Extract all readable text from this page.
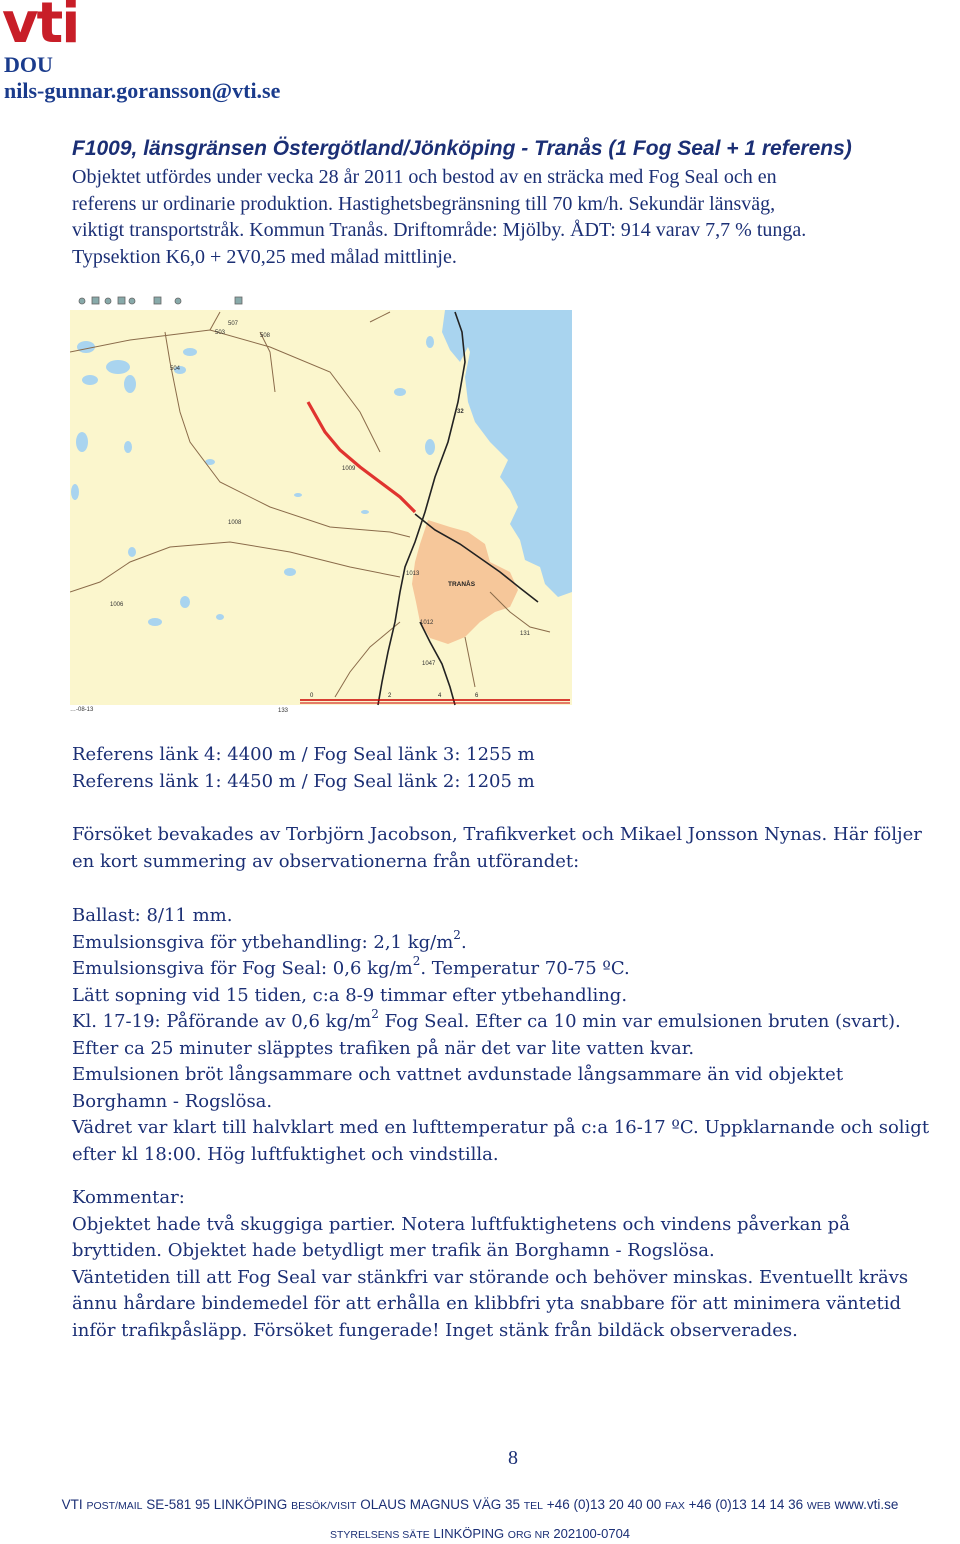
vti
DOU
nils-gunnar.goransson@vti.se
F1009, länsgränsen Östergötland/Jönköping - Tranås (1 Fog Seal + 1 referens)
Objektet utfördes under vecka 28 år 2011 och bestod av en sträcka med Fog Seal och en
referens ur ordinarie produktion. Hastighetsbegränsning till 70 km/h. Sekundär länsväg,
viktigt transportstråk. Kommun Tranås. Driftområde: Mjölby. ÅDT: 914 varav 7,7 % tunga.
Typsektion K6,0 + 2V0,25 med målad mittlinje.
507
508
503
504
32
1009
1008
1013
1006
1012
131
1047
133
TRANÅS
0	2	4	6
…-08-13
Referens länk 4: 4400 m / Fog Seal länk 3: 1255 m
Referens länk 1: 4450 m / Fog Seal länk 2: 1205 m
Försöket bevakades av Torbjörn Jacobson, Trafikverket och Mikael Jonsson Nynas. Här följer
en kort summering av observationerna från utförandet:
Ballast: 8/11 mm.
Emulsionsgiva för ytbehandling: 2,1 $kg/m^2$.
Emulsionsgiva för Fog Seal: 0,6 $kg/m^2$. Temperatur 70-75 ºC.
Lätt sopning vid 15 tiden, c:a 8-9 timmar efter ytbehandling.
Kl. 17-19: Påförande av 0,6 $kg/m^2$ Fog Seal. Efter ca 10 min var emulsionen bruten (svart).
Efter ca 25 minuter släpptes trafiken på när det var lite vatten kvar.
Emulsionen bröt långsammare och vattnet avdunstade långsammare än vid objektet
Borghamn - Rogslösa.
Vädret var klart till halvklart med en lufttemperatur på c:a 16-17 ºC. Uppklarnande och soligt
efter kl 18:00. Hög luftfuktighet och vindstilla.
Kommentar:
Objektet hade två skuggiga partier. Notera luftfuktighetens och vindens påverkan på
bryttiden. Objektet hade betydligt mer trafik än Borghamn - Rogslösa.
Väntetiden till att Fog Seal var stänkfri var störande och behöver minskas. Eventuellt krävs
ännu hårdare bindemedel för att erhålla en klibbfri yta snabbare för att minimera väntetid
inför trafikpåsläpp. Försöket fungerade! Inget stänk från bildäck observerades.
8
VTI POST/MAIL SE-581 95 LINKÖPING BESÖK/VISIT OLAUS MAGNUS VÄG 35 TEL +46 (0)13 20 40 00 FAX +46 (0)13 14 14 36 WEB www.vti.se
STYRELSENS SÄTE LINKÖPING ORG NR 202100-0704
